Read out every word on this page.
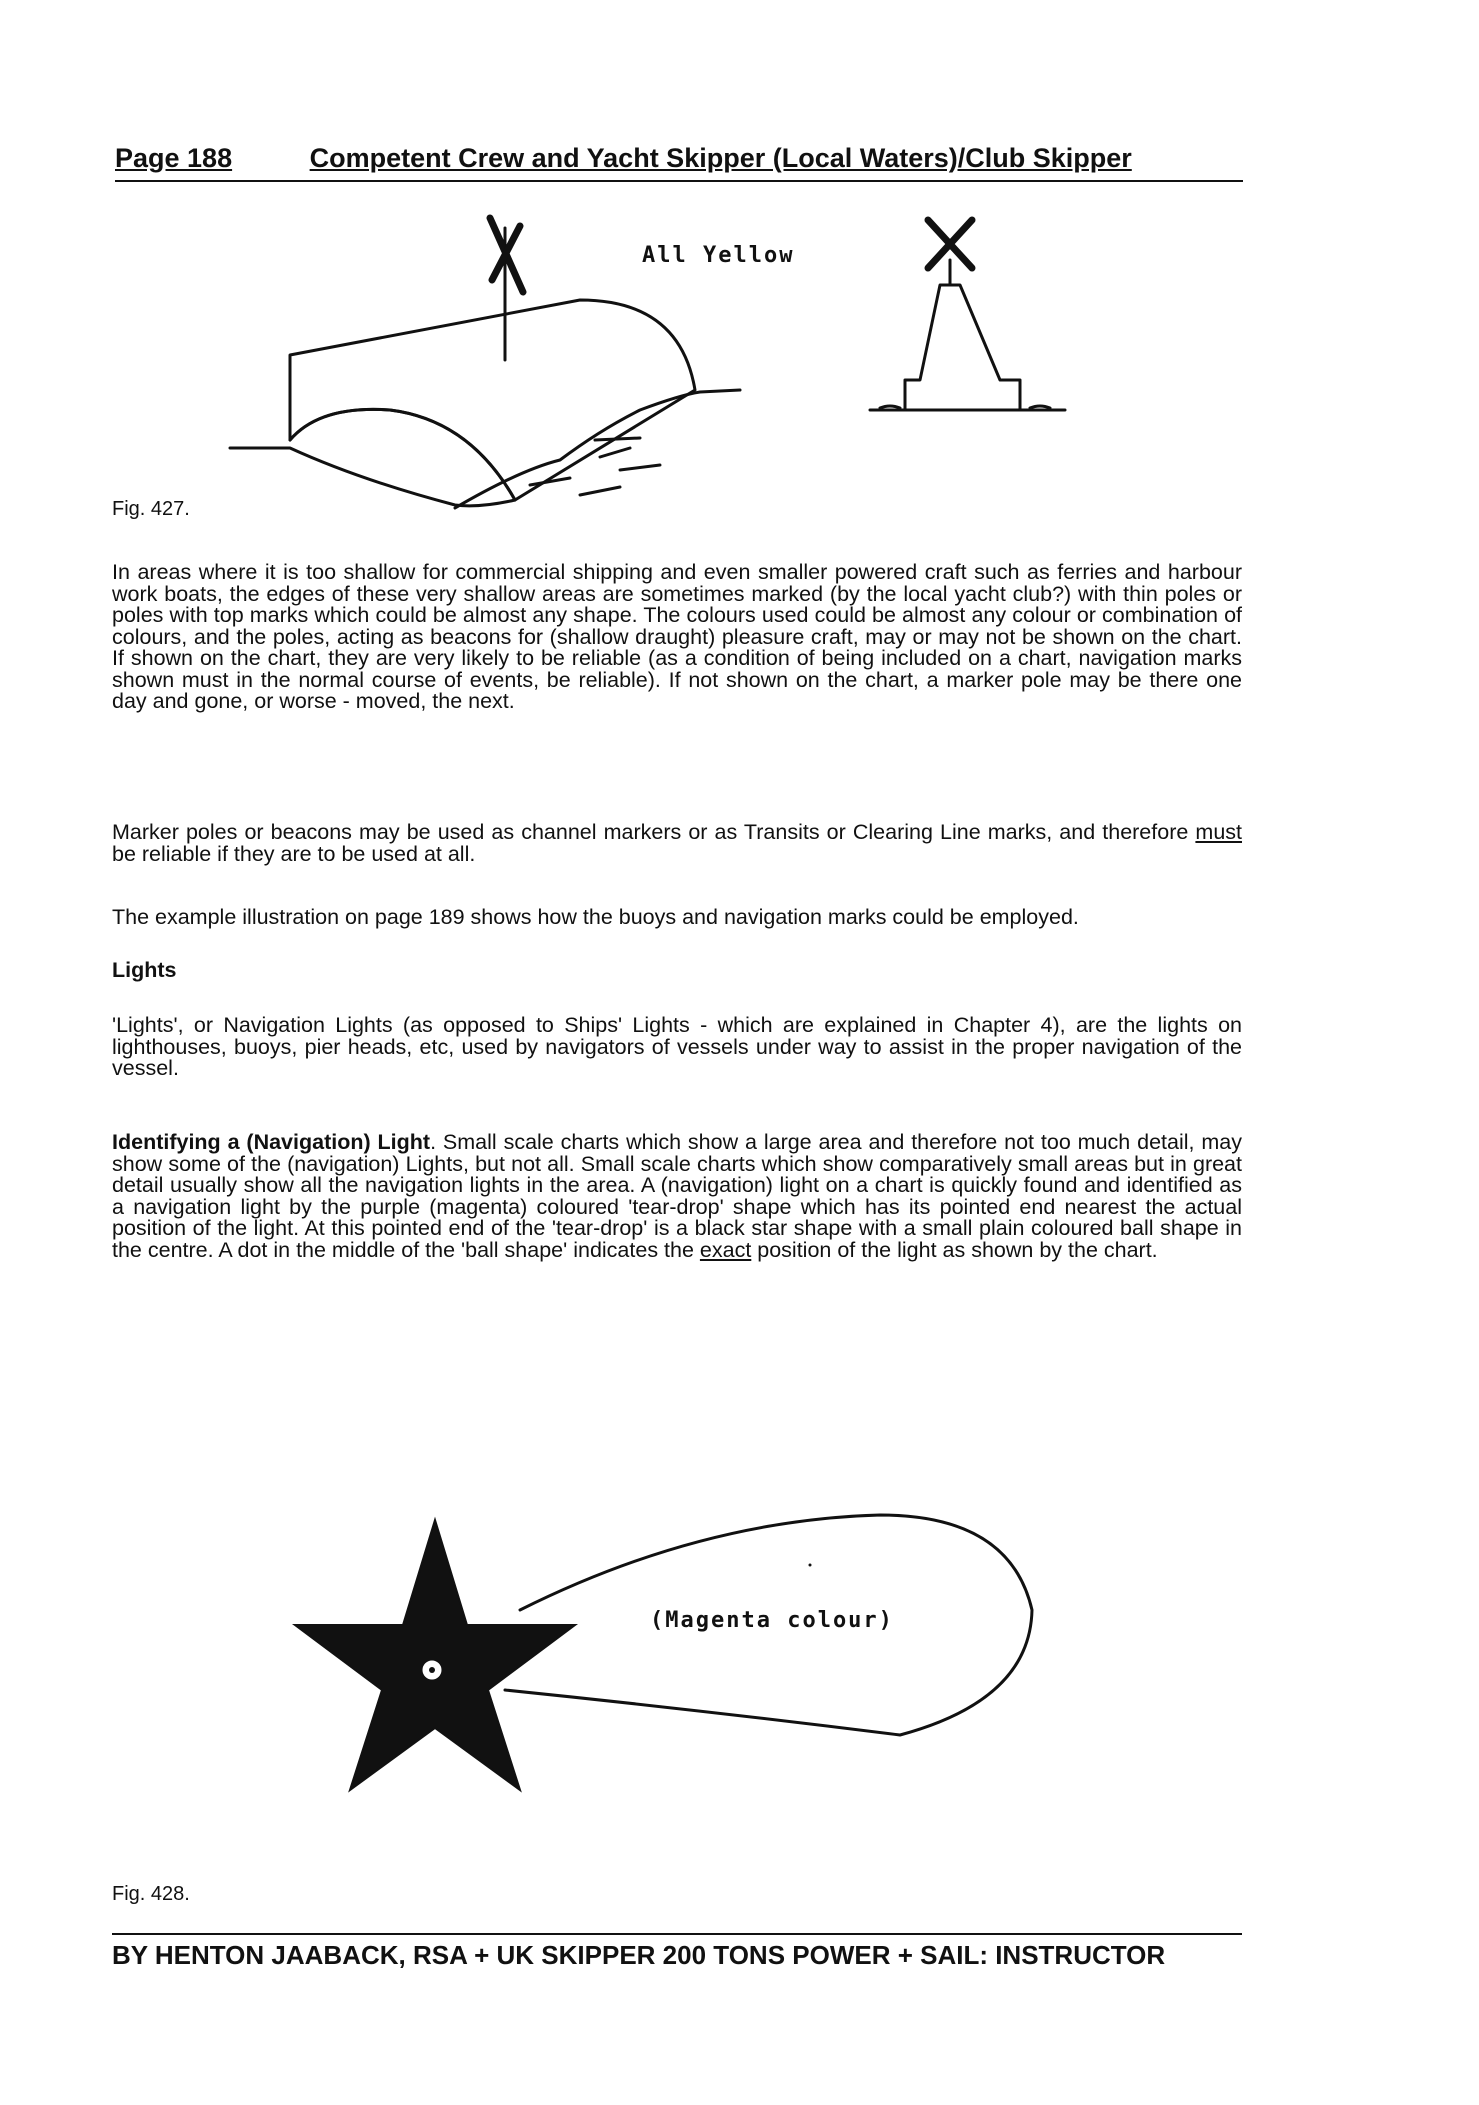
Page 188	Competent Crew and Yacht Skipper (Local Waters)/Club Skipper
All Yellow
Fig. 427.

In areas where it is too shallow for commercial shipping and even smaller powered craft such as ferries and harbour work boats, the edges of these very shallow areas are sometimes marked (by the local yacht club?) with thin poles or poles with top marks which could be almost any shape. The colours used could be almost any colour or combination of colours, and the poles, acting as beacons for (shallow draught) pleasure craft, may or may not be shown on the chart. If shown on the chart, they are very likely to be reliable (as a condition of being included on a chart, navigation marks shown must in the normal course of events, be reliable). If not shown on the chart, a marker pole may be there one day and gone, or worse - moved, the next.

Marker poles or beacons may be used as channel markers or as Transits or Clearing Line marks, and therefore must be reliable if they are to be used at all.

The example illustration on page 189 shows how the buoys and navigation marks could be employed.

Lights

'Lights', or Navigation Lights (as opposed to Ships' Lights - which are explained in Chapter 4), are the lights on lighthouses, buoys, pier heads, etc, used by navigators of vessels under way to assist in the proper navigation of the vessel.

Identifying a (Navigation) Light. Small scale charts which show a large area and therefore not too much detail, may show some of the (navigation) Lights, but not all. Small scale charts which show comparatively small areas but in great detail usually show all the navigation lights in the area. A (navigation) light on a chart is quickly found and identified as a navigation light by the purple (magenta) coloured 'tear-drop' shape which has its pointed end nearest the actual position of the light. At this pointed end of the 'tear-drop' is a black star shape with a small plain coloured ball shape in the centre. A dot in the middle of the 'ball shape' indicates the exact position of the light as shown by the chart.

(Magenta colour)
Fig. 428.
BY HENTON JAABACK, RSA + UK SKIPPER 200 TONS POWER + SAIL: INSTRUCTOR
